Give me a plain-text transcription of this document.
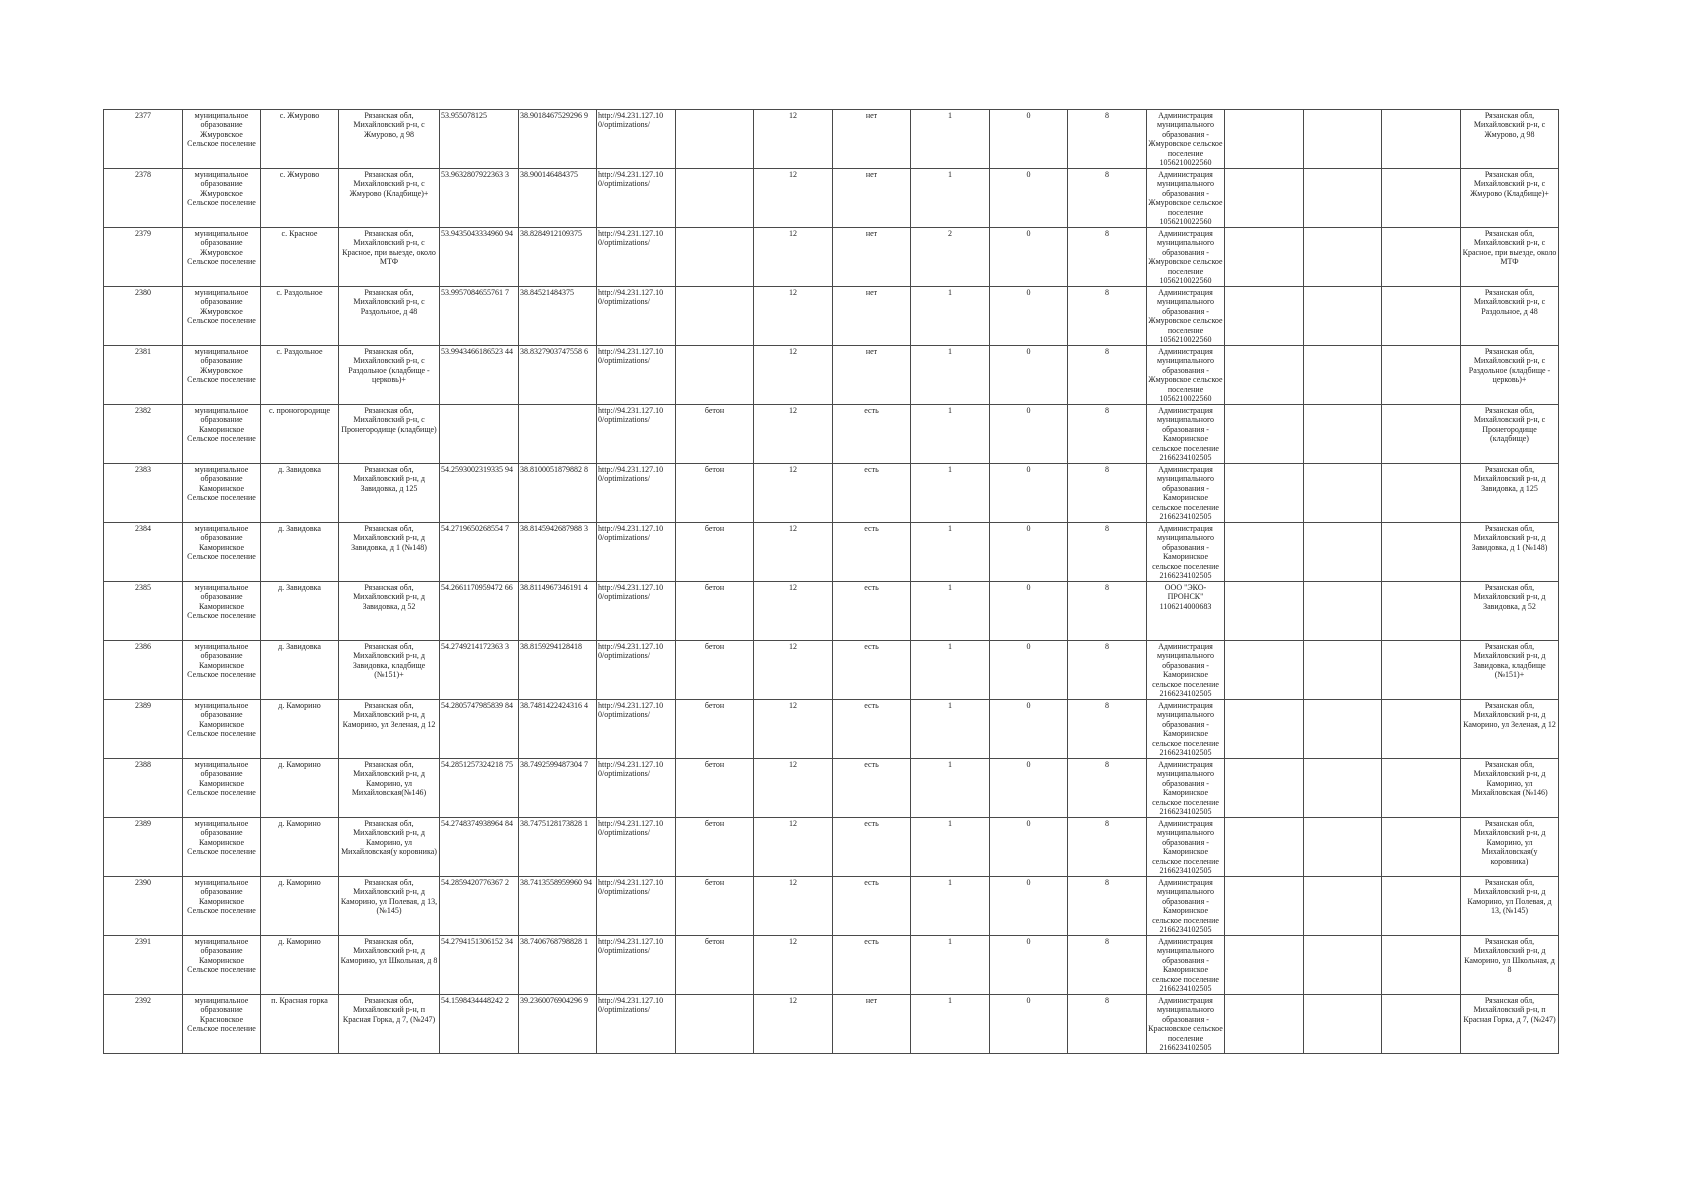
2377	муниципальное образование Жмуровское Сельское поселение	с. Жмурово	Рязанская обл, Михайловский р-н, с Жмурово, д 98	53.955078125	38.9018467529296 9	http://94.231.127.10 0/optimizations/		12	нет	1	0	8	Администрация муниципального образования - Жмуровское сельское поселение 1056210022560				Рязанская обл, Михайловский р-н, с Жмурово, д 98
2378	муниципальное образование Жмуровское Сельское поселение	с. Жмурово	Рязанская обл, Михайловский р-н, с Жмурово (Кладбище)+	53.9632807922363 3	38.900146484375	http://94.231.127.10 0/optimizations/		12	нет	1	0	8	Администрация муниципального образования - Жмуровское сельское поселение 1056210022560				Рязанская обл, Михайловский р-н, с Жмурово (Кладбище)+
2379	муниципальное образование Жмуровское Сельское поселение	с. Красное	Рязанская обл, Михайловский р-н, с Красное, при выезде, около МТФ	53.9435043334960 94	38.8284912109375	http://94.231.127.10 0/optimizations/		12	нет	2	0	8	Администрация муниципального образования - Жмуровское сельское поселение 1056210022560				Рязанская обл, Михайловский р-н, с Красное, при выезде, около МТФ
2380	муниципальное образование Жмуровское Сельское поселение	с. Раздольное	Рязанская обл, Михайловский р-н, с Раздольное, д 48	53.9957084655761 7	38.84521484375	http://94.231.127.10 0/optimizations/		12	нет	1	0	8	Администрация муниципального образования - Жмуровское сельское поселение 1056210022560				Рязанская обл, Михайловский р-н, с Раздольное, д 48
2381	муниципальное образование Жмуровское Сельское поселение	с. Раздольное	Рязанская обл, Михайловский р-н, с Раздольное (кладбище - церковь)+	53.9943466186523 44	38.8327903747558 6	http://94.231.127.10 0/optimizations/		12	нет	1	0	8	Администрация муниципального образования - Жмуровское сельское поселение 1056210022560				Рязанская обл, Михайловский р-н, с Раздольное (кладбище - церковь)+
2382	муниципальное образование Каморинское Сельское поселение	с. проногородище	Рязанская обл, Михайловский р-н, с Пронегородище (кладбище)			http://94.231.127.10 0/optimizations/	бетон	12	есть	1	0	8	Администрация муниципального образования - Каморинское сельское поселение 2166234102505				Рязанская обл, Михайловский р-н, с Пронегородище (кладбище)
2383	муниципальное образование Каморинское Сельское поселение	д. Завидовка	Рязанская обл, Михайловский р-н, д Завидовка, д 125	54.2593002319335 94	38.8100051879882 8	http://94.231.127.10 0/optimizations/	бетон	12	есть	1	0	8	Администрация муниципального образования - Каморинское сельское поселение 2166234102505				Рязанская обл, Михайловский р-н, д Завидовка, д 125
2384	муниципальное образование Каморинское Сельское поселение	д. Завидовка	Рязанская обл, Михайловский р-н, д Завидовка, д 1 (№148)	54.2719650268554 7	38.8145942687988 3	http://94.231.127.10 0/optimizations/	бетон	12	есть	1	0	8	Администрация муниципального образования - Каморинское сельское поселение 2166234102505				Рязанская обл, Михайловский р-н, д Завидовка, д 1 (№148)
2385	муниципальное образование Каморинское Сельское поселение	д. Завидовка	Рязанская обл, Михайловский р-н, д Завидовка, д 52	54.2661170959472 66	38.8114967346191 4	http://94.231.127.10 0/optimizations/	бетон	12	есть	1	0	8	ООО "ЭКО-ПРОНСК" 1106214000683				Рязанская обл, Михайловский р-н, д Завидовка, д 52
2386	муниципальное образование Каморинское Сельское поселение	д. Завидовка	Рязанская обл, Михайловский р-н, д Завидовка, кладбище (№151)+	54.2749214172363 3	38.8159294128418	http://94.231.127.10 0/optimizations/	бетон	12	есть	1	0	8	Администрация муниципального образования - Каморинское сельское поселение 2166234102505				Рязанская обл, Михайловский р-н, д Завидовка, кладбище (№151)+
2389	муниципальное образование Каморинское Сельское поселение	д. Каморино	Рязанская обл, Михайловский р-н, д Каморино, ул Зеленая, д 12	54.2805747985839 84	38.7481422424316 4	http://94.231.127.10 0/optimizations/	бетон	12	есть	1	0	8	Администрация муниципального образования - Каморинское сельское поселение 2166234102505				Рязанская обл, Михайловский р-н, д Каморино, ул Зеленая, д 12
2388	муниципальное образование Каморинское Сельское поселение	д. Каморино	Рязанская обл, Михайловский р-н, д Каморино, ул Михайловская(№146)	54.2851257324218 75	38.7492599487304 7	http://94.231.127.10 0/optimizations/	бетон	12	есть	1	0	8	Администрация муниципального образования - Каморинское сельское поселение 2166234102505				Рязанская обл, Михайловский р-н, д Каморино, ул Михайловская (№146)
2389	муниципальное образование Каморинское Сельское поселение	д. Каморино	Рязанская обл, Михайловский р-н, д Каморино, ул Михайловская(у коровника)	54.2748374938964 84	38.7475128173828 1	http://94.231.127.10 0/optimizations/	бетон	12	есть	1	0	8	Администрация муниципального образования - Каморинское сельское поселение 2166234102505				Рязанская обл, Михайловский р-н, д Каморино, ул Михайловская(у коровника)
2390	муниципальное образование Каморинское Сельское поселение	д. Каморино	Рязанская обл, Михайловский р-н, д Каморино, ул Полевая, д 13, (№145)	54.2859420776367 2	38.7413558959960 94	http://94.231.127.10 0/optimizations/	бетон	12	есть	1	0	8	Администрация муниципального образования - Каморинское сельское поселение 2166234102505				Рязанская обл, Михайловский р-н, д Каморино, ул Полевая, д 13, (№145)
2391	муниципальное образование Каморинское Сельское поселение	д. Каморино	Рязанская обл, Михайловский р-н, д Каморино, ул Школьная, д 8	54.2794151306152 34	38.7406768798828 1	http://94.231.127.10 0/optimizations/	бетон	12	есть	1	0	8	Администрация муниципального образования - Каморинское сельское поселение 2166234102505				Рязанская обл, Михайловский р-н, д Каморино, ул Школьная, д 8
2392	муниципальное образование Красновское Сельское поселение	п. Красная горка	Рязанская обл, Михайловский р-н, п Красная Горка, д 7, (№247)	54.1598434448242 2	39.2360076904296 9	http://94.231.127.10 0/optimizations/		12	нет	1	0	8	Администрация муниципального образования - Красновское сельское поселение 2166234102505				Рязанская обл, Михайловский р-н, п Красная Горка, д 7, (№247)
